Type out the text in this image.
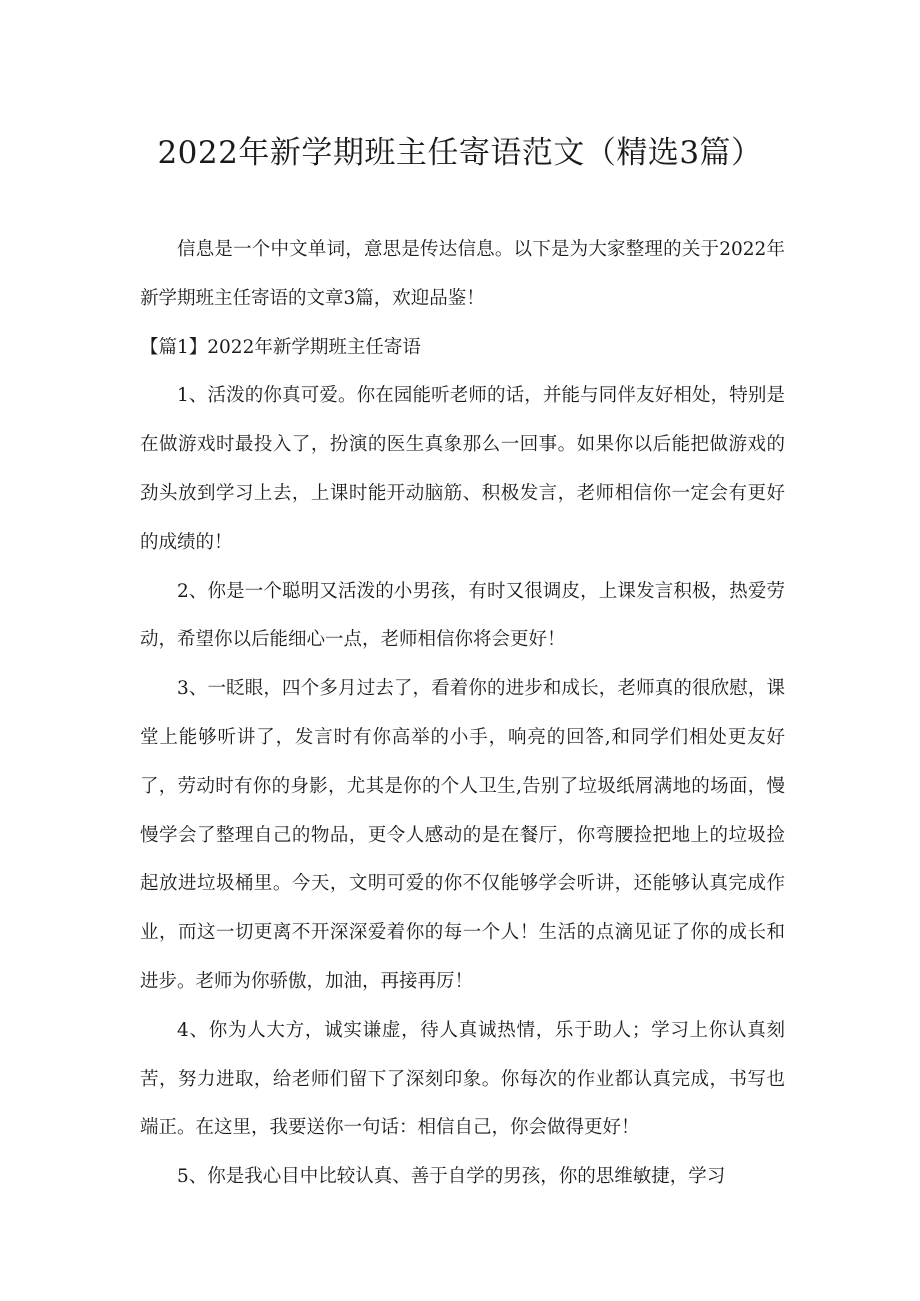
2022年新学期班主任寄语范文（精选3篇）

信息是一个中文单词，意思是传达信息。以下是为大家整理的关于2022年新学期班主任寄语的文章3篇，欢迎品鉴！

【篇1】2022年新学期班主任寄语

1、活泼的你真可爱。你在园能听老师的话，并能与同伴友好相处，特别是在做游戏时最投入了，扮演的医生真象那么一回事。如果你以后能把做游戏的劲头放到学习上去，上课时能开动脑筋、积极发言，老师相信你一定会有更好的成绩的！

2、你是一个聪明又活泼的小男孩，有时又很调皮，上课发言积极，热爱劳动，希望你以后能细心一点，老师相信你将会更好！

3、一眨眼，四个多月过去了，看着你的进步和成长，老师真的很欣慰，课堂上能够听讲了，发言时有你高举的小手，响亮的回答,和同学们相处更友好了，劳动时有你的身影，尤其是你的个人卫生,告别了垃圾纸屑满地的场面，慢慢学会了整理自己的物品，更令人感动的是在餐厅，你弯腰捡把地上的垃圾捡起放进垃圾桶里。今天，文明可爱的你不仅能够学会听讲，还能够认真完成作业，而这一切更离不开深深爱着你的每一个人！生活的点滴见证了你的成长和进步。老师为你骄傲，加油，再接再厉！

4、你为人大方，诚实谦虚，待人真诚热情，乐于助人；学习上你认真刻苦，努力进取，给老师们留下了深刻印象。你每次的作业都认真完成，书写也端正。在这里，我要送你一句话：相信自己，你会做得更好！

5、你是我心目中比较认真、善于自学的男孩，你的思维敏捷，学习
